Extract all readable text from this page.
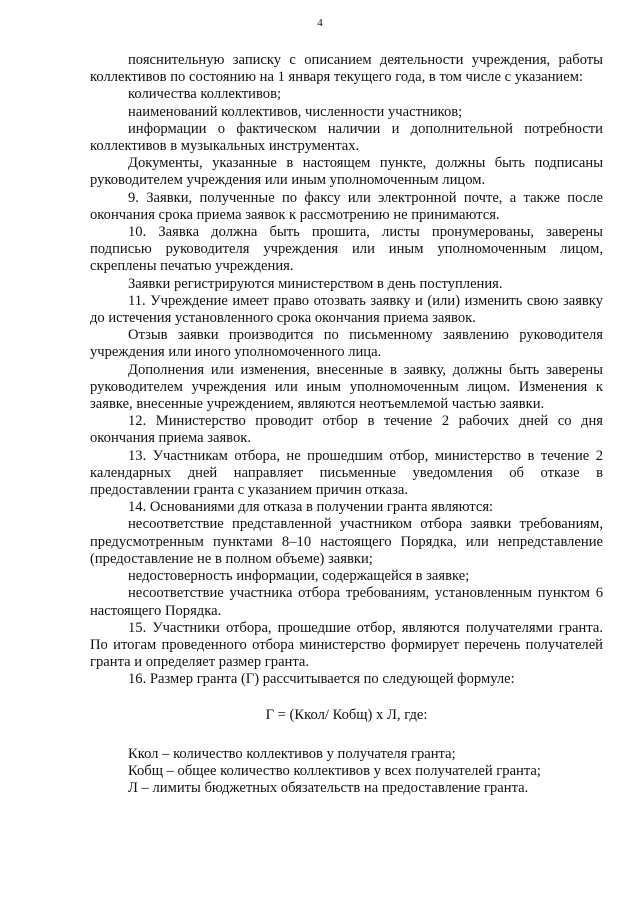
4

пояснительную записку с описанием деятельности учреждения, работы коллективов по состоянию на 1 января текущего года, в том числе с указанием:

количества коллективов;

наименований коллективов, численности участников;

информации о фактическом наличии и дополнительной потребности коллективов в музыкальных инструментах.

Документы, указанные в настоящем пункте, должны быть подписаны руководителем учреждения или иным уполномоченным лицом.

9. Заявки, полученные по факсу или электронной почте, а также после окончания срока приема заявок к рассмотрению не принимаются.

10. Заявка должна быть прошита, листы пронумерованы, заверены подписью руководителя учреждения или иным уполномоченным лицом, скреплены печатью учреждения.

Заявки регистрируются министерством в день поступления.

11. Учреждение имеет право отозвать заявку и (или) изменить свою заявку до истечения установленного срока окончания приема заявок.

Отзыв заявки производится по письменному заявлению руководителя учреждения или иного уполномоченного лица.

Дополнения или изменения, внесенные в заявку, должны быть заверены руководителем учреждения или иным уполномоченным лицом. Изменения к заявке, внесенные учреждением, являются неотъемлемой частью заявки.

12. Министерство проводит отбор в течение 2 рабочих дней со дня окончания приема заявок.

13. Участникам отбора, не прошедшим отбор, министерство в течение 2 календарных дней направляет письменные уведомления об отказе в предоставлении гранта с указанием причин отказа.

14. Основаниями для отказа в получении гранта являются:

несоответствие представленной участником отбора заявки требованиям, предусмотренным пунктами 8–10 настоящего Порядка, или непредставление (предоставление не в полном объеме) заявки;

недостоверность информации, содержащейся в заявке;

несоответствие участника отбора требованиям, установленным пунктом 6 настоящего Порядка.

15. Участники отбора, прошедшие отбор, являются получателями гранта. По итогам проведенного отбора министерство формирует перечень получателей гранта и определяет размер гранта.

16. Размер гранта (Г) рассчитывается по следующей формуле:

Г = (Ккол/ Кобщ) х Л, где:

Ккол – количество коллективов у получателя гранта;

Кобщ – общее количество коллективов у всех получателей гранта;

Л – лимиты бюджетных обязательств на предоставление гранта.
